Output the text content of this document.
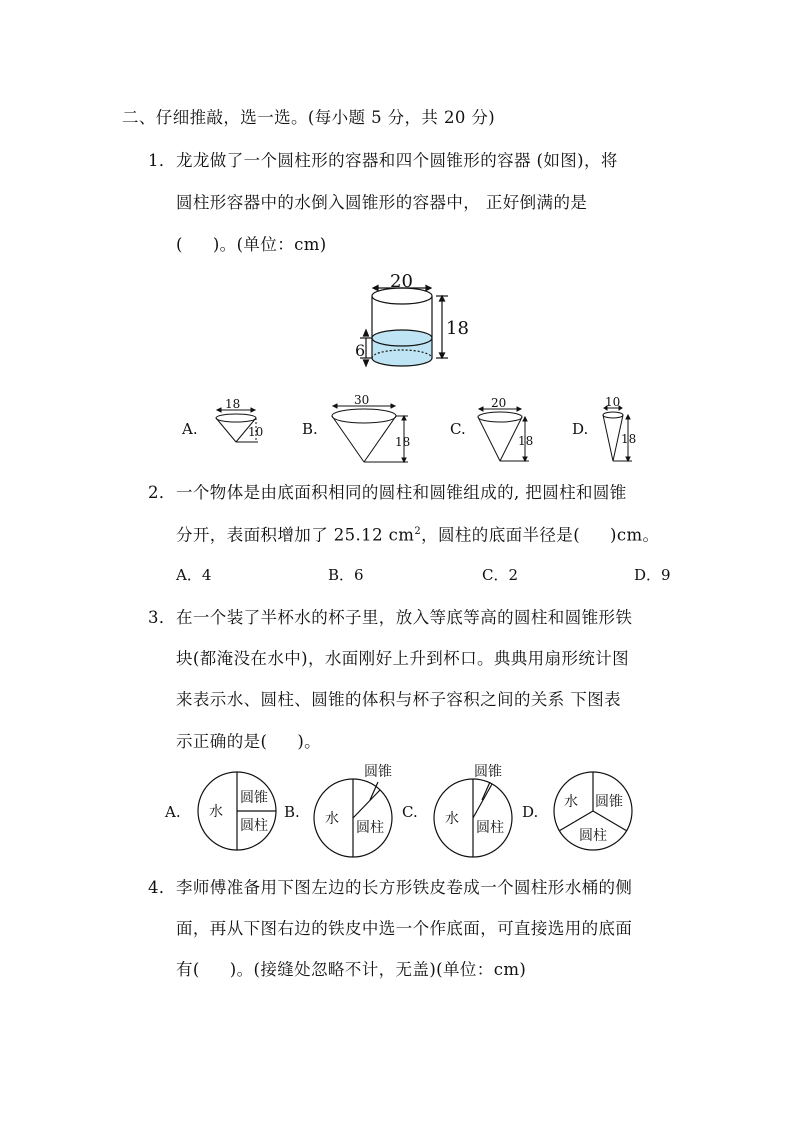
二、仔细推敲，选一选。(每小题 5 分，共 20 分)
1． 龙龙做了一个圆柱形的容器和四个圆锥形的容器 (如图)，将
圆柱形容器中的水倒入圆锥形的容器中， 正好倒满的是
( )。(单位：cm)
20
18
6
A.
18
10	B.
30
18
C.
20
18
D.
10
18
2． 一个物体是由底面积相同的圆柱和圆锥组成的, 把圆柱和圆锥
分开，表面积增加了 25.12 $cm^2$，圆柱的底面半径是( )cm。
A．4	B．6	C．2	D．9
3． 在一个装了半杯水的杯子里，放入等底等高的圆柱和圆锥形铁
块(都淹没在水中)，水面刚好上升到杯口。典典用扇形统计图
来表示水、圆柱、圆锥的体积与杯子容积之间的关系 下图表
示正确的是( )。
A. 水
圆锥
圆柱
B.
圆锥
水
圆柱
C.
圆锥
水
圆柱
D.
水 圆锥
圆柱
4． 李师傅准备用下图左边的长方形铁皮卷成一个圆柱形水桶的侧
面，再从下图右边的铁皮中选一个作底面，可直接选用的底面
有( )。(接缝处忽略不计，无盖)(单位：cm)
